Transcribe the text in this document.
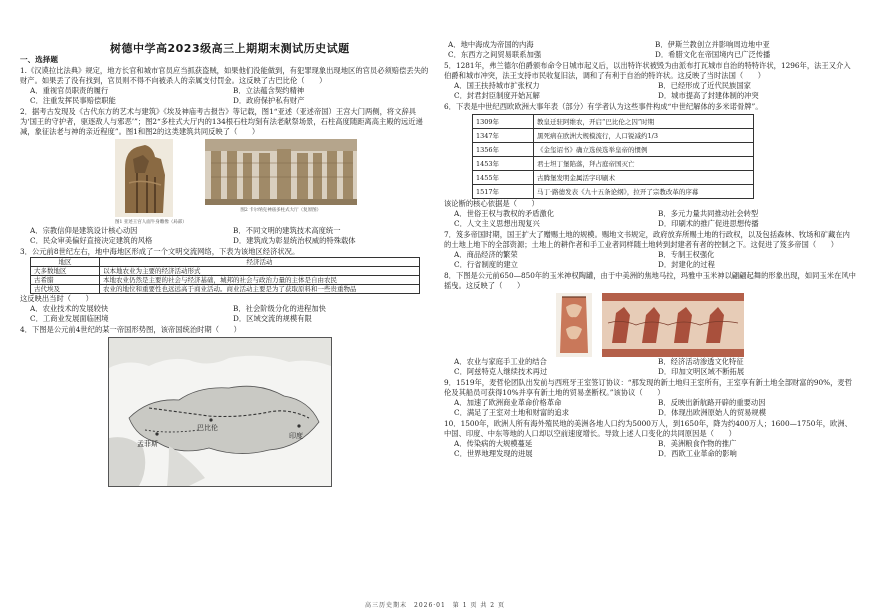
树德中学高2023级高三上期期末测试历史试题
一、选择题
1.《汉谟拉比法典》规定，地方长官和城市官员应当抓获盗贼，如果他们没能做到，有犯罪现象出现地区的官员必须赔偿丢失的财产。如果丢了没有找到，官员则不得不向被杀人的亲属支付罚金。这反映了古巴比伦（　　）
A．重视官员职责的履行	B．立法蕴含契约精神
C．注重发挥民事赔偿职能	D．政府保护私有财产
2．据考古发现及《古代东方的艺术与建筑》《埃及神庙考古报告》等记载，图1“亚述（亚述帝国）王宫大门两侧，将文辞具为‘国王的守护者，驱逐敌人与邪恶’”；图2“多柱式大厅内的134根石柱均刻有法老献祭场景，石柱高度随距离高主殿的远近递减，象征法老与神的亲近程度”。图1和图2的这类建筑共同反映了（　　）
图1 亚述王宫人面牛身雕像（局部）
图2 卡尔纳克神庙多柱式大厅（复原图）
A．宗教信仰是建筑设计核心动因	B．不同文明的建筑技术高度统一
C．民众审美偏好直接决定建筑的风格	D．建筑成为彰显统治权威的特殊载体
3．公元前8世纪左右，地中海地区形成了一个文明交流网络，下表为该地区经济状况。
地区	经济活动
大多数地区	以本地农业为主要的经济活动形式
古希腊	本地农业仍然是主要的社会与经济基础，城邦的社会与政治力量的主体是自由农民
古代埃及	农业的地位和重要性也远远高于商业活动。商业活动主要是为了获取原料和一些贵重物品
这反映出当时（　　）
A．农业技术的发展较快	B．社会阶级分化的进程加快
C．工商业发展面临困境	D．区域交流的规模有限
4．下图是公元前4世纪的某一帝国形势图，该帝国统治时期（　　）
巴比伦
孟菲斯
印度
A．地中海成为帝国的内海	B．伊斯兰教创立并影响周边地中亚
C．东西方之间贸易联系加强	D．希腊文化在帝国境内已广泛传播
5．1281年，弗兰德尔伯爵颁布命令日城市起义后，以出特许状被毁为由派布打瓦城市自治的特特许状，1296年，法王又介入伯爵和城市冲突，法王支持市民收复旧法，调和了有利于自治的特许状。这反映了当时法国（　　）
A．国王扶持城市扩张权力	B．已经形成了近代民族国家
C．封君封臣制度开始瓦解	D．城市提高了封建体制的冲突
6．下表是中世纪西欧欧洲大事年表（部分）有学者认为这些事件构成“中世纪解体的多米诺骨牌”。
1309年	教皇迁驻阿维农，开启“巴比伦之囚”时期
1347年	黑死病在欧洲大规模流行，人口锐减约1/3
1356年	《金玺诏书》确立选侯选举皇帝的惯例
1453年	君士坦丁堡陷落，拜占庭帝国灭亡
1455年	古腾堡发明金属活字印刷术
1517年	马丁·路德发表《九十五条论纲》，拉开了宗教改革的序幕
该论断的核心依据是（　　）
A．世俗王权与教权的矛盾激化	B．多元力量共同推动社会转型
C．人文主义思想出现复兴	D．印刷术的推广促进思想传播
7．笈多帝国时期，国王扩大了赠赐土地的规模。赐地文书规定，政府放弃所赐土地的行政权，以及包括森林、牧场和矿藏在内的土地上地下的全部资源；土地上的耕作者和手工业者同样随土地转到封建者有者的控制之下。这促进了笈多帝国（　　）
A．商品经济的繁荣	B．专制王权强化
C．行省制度的建立	D．封建化的过程
8．下图是公元前650—850年的玉米神权陶罐，由于中美洲的焦地马拉，玛雅中玉米神以翩翩起舞的形象出现，如同玉米在风中摇曳。这反映了（　　）
A．农业与家庭手工业的结合	B．经济活动渗透文化特征
C．阿兹特克人继续技术再过	D．印加文明区域不断拓展
9．1519年，麦哲伦团队出发前与西班牙王室签订协议：“那发现的新土地归王室所有，王室享有新土地全部财富的90%，麦哲伦及其船员可获得10%并享有新土地的贸易垄断权。”该协议（　　）
A．加速了欧洲商业革命价格革命	B．反映出新航路开辟的重要动因
C．满足了王室对土地和财富的追求	D．体现出欧洲原始人的贸易规模
10．1500年，欧洲人所有海外殖民地的美洲各地人口约为5000万人，到1650年，降为约400万人；1600—1750年，欧洲、中国、印度、中东等地的人口却以空前速度增长。导致上述人口变化的共同原因是（　　）
A．传染病的大规模蔓延	B．美洲粮食作物的推广
C．世界地理发现的进展	D．西欧工业革命的影响
高三历史期末　2026·01　第 1 页 共 2 页
